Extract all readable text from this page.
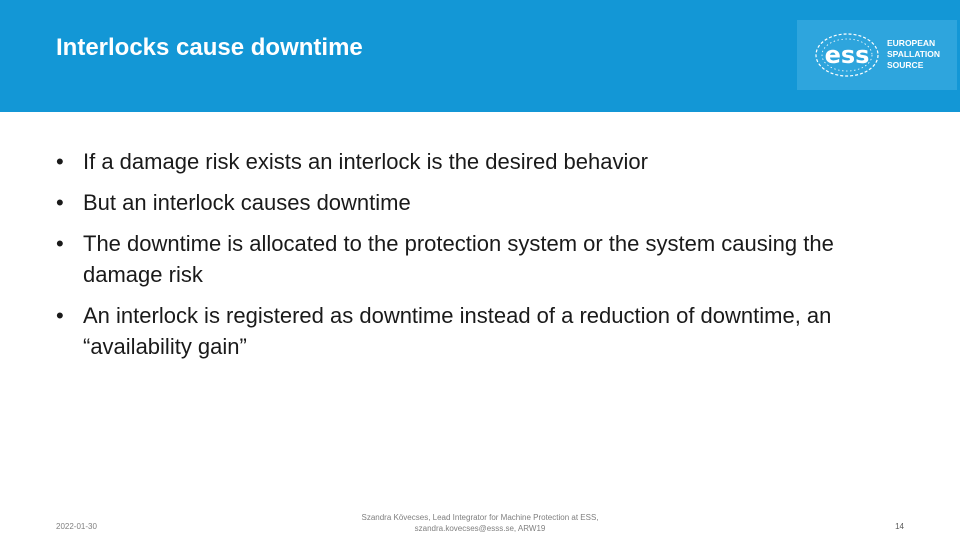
Interlocks cause downtime	ess EUROPEAN
SPALLATION
SOURCE
• If a damage risk exists an interlock is the desired behavior
• But an interlock causes downtime
• The downtime is allocated to the protection system or the system causing the damage risk
• An interlock is registered as downtime instead of a reduction of downtime, an “availability gain”
2022-01-30
Szandra Kövecses, Lead Integrator for Machine Protection at ESS,
szandra.kovecses@esss.se, ARW19	14
